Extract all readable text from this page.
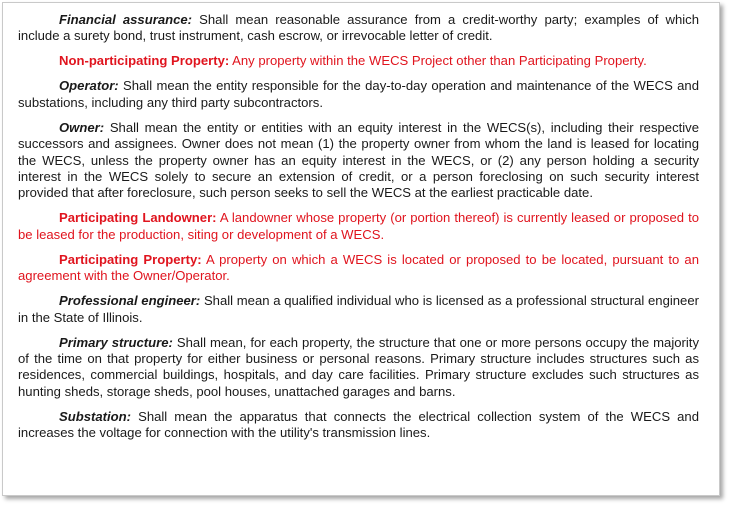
Financial assurance: Shall mean reasonable assurance from a credit-worthy party; examples of which include a surety bond, trust instrument, cash escrow, or irrevocable letter of credit.

Non-participating Property: Any property within the WECS Project other than Participating Property.

Operator: Shall mean the entity responsible for the day-to-day operation and maintenance of the WECS and substations, including any third party subcontractors.

Owner: Shall mean the entity or entities with an equity interest in the WECS(s), including their respective successors and assignees. Owner does not mean (1) the property owner from whom the land is leased for locating the WECS, unless the property owner has an equity interest in the WECS, or (2) any person holding a security interest in the WECS solely to secure an extension of credit, or a person foreclosing on such security interest provided that after foreclosure, such person seeks to sell the WECS at the earliest practicable date.

Participating Landowner: A landowner whose property (or portion thereof) is currently leased or proposed to be leased for the production, siting or development of a WECS.

Participating Property: A property on which a WECS is located or proposed to be located, pursuant to an agreement with the Owner/Operator.

Professional engineer: Shall mean a qualified individual who is licensed as a professional structural engineer in the State of Illinois.

Primary structure: Shall mean, for each property, the structure that one or more persons occupy the majority of the time on that property for either business or personal reasons. Primary structure includes structures such as residences, commercial buildings, hospitals, and day care facilities. Primary structure excludes such structures as hunting sheds, storage sheds, pool houses, unattached garages and barns.

Substation: Shall mean the apparatus that connects the electrical collection system of the WECS and increases the voltage for connection with the utility's transmission lines.
